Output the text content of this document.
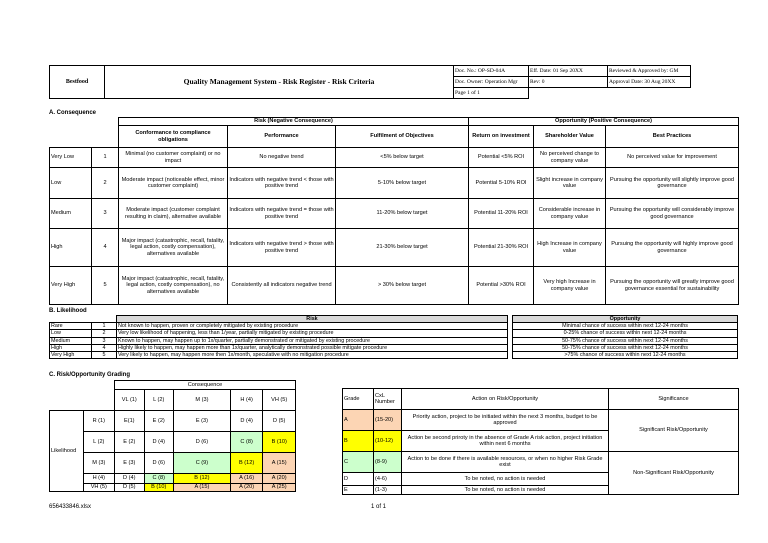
Bestfood	Quality Management System - Risk Register - Risk Criteria	Doc. No.: OP-SD-04A	Eff. Date: 01 Sep 20XX	Reviewed & Approved by: GM
		Doc. Owner: Operation Mgr	Rev: 0	Approval Date: 30 Aug 20XX
		Page 1 of 1		
A. Consequence
		Risk (Negative Consequence)			Opportunity (Positive Consequence)		
		Conformance to compliance obligations	Performance	Fulfilment of Objectives	Return on investment	Shareholder Value	Best Practices
Very Low	1	Minimal (no customer complaint) or no impact	No negative trend	<5% below target	Potential <5% ROI	No perceived change to company value	No perceived value for improvement
Low	2	Moderate impact (noticeable effect, minor customer complaint)	Indicators with negative trend < those with positive trend	5-10% below target	Potential 5-10% ROI	Slight increase in company value	Pursuing the opportunity will slightly improve good governance
Medium	3	Moderate impact (customer complaint resulting in claim), alternative available	Indicators with negative trend = those with positive trend	11-20% below target	Potential 11-20% ROI	Considerable increase in company value	Pursuing the opportunity will considerably improve good governance
High	4	Major impact (catastrophic, recall, fatality, legal action, costly compensation), alternatives available	Indicators with negative trend > those with positive trend	21-30% below target	Potential 21-30% ROI	High Increase in company value	Pursuing the opportunity will highly improve good governance
Very High	5	Major impact (catastrophic, recall, fatality, legal action, costly compensation), no alternatives available	Consistently all indicators negative trend	> 30% below target	Potential >30% ROI	Very high Increase in company value	Pursuing the opportunity will greatly improve good governance essential for sustainability
B. Likelihood
		Risk		Opportunity
Rare	1	Not known to happen, proven or completely mitigated by existing procedure		Minimal chance of success within next 12-24 months
Low	2	Very low likelihood of happening, less than 1/year, partially mitigated by existing procedure		0-25% chance of success within next 12-24 months
Medium	3	Known to happen, may happen up to 1x/quarter, partially demonstrated or mitigated by existing procedure		50-75% chance of success within next 12-24 months
High	4	Highly likely to happen, may happen more than 1x/quarter, analytically demonstrated possible mitigate procedure		50-75% chance of success within next 12-24 months
Very High	5	Very likely to happen, may happen more then 1x/month, speculative with no mitigation procedure		>75% chance of success within next 12-24 months
C. Risk/Opportunity Grading
		Consequence				
		VL (1)	L (2)	M (3)	H (4)	VH (5)
Likelihood	R (1)	E(1)	E (2)	E (3)	D (4)	D (5)
	L (2)	E (2)	D (4)	D (6)	C (8)	B (10)
	M (3)	E (3)	D (6)	C (9)	B (12)	A (15)
	H (4)	D (4)	C (8)	B (12)	A (16)	A (20)
	VH (5)	D (5)	B (10)	A (15)	A (20)	A (25)
Grade	CxL Number	Action on Risk/Opportunity	Significance
A	(15-20)	Priority action, project to be initiated within the next 3 months, budget to be approved	Significant Risk/Opportunity
B	(10-12)	Action be second priroty in the absence of Grade A risk action, project initiation within next 6 months	
C	(8-9)	Action to be done if there is available resources, or when no higher Risk Grade exist	Non-Significant Risk/Opportunity
D	(4-6)	To be noted, no action is needed	
E	(1-3)	To be noted, no action is needed	
656433846.xlsx	1 of 1
